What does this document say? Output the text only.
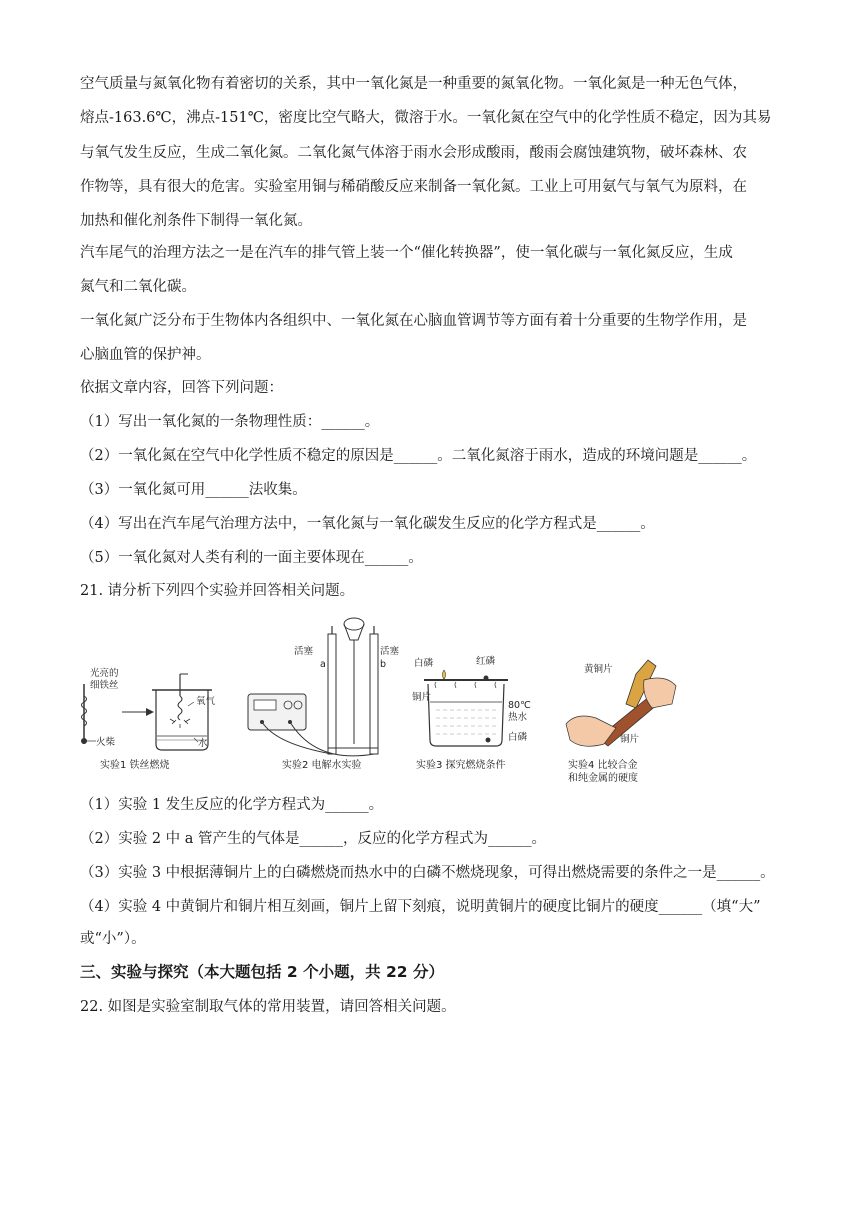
空气质量与氮氧化物有着密切的关系，其中一氧化氮是一种重要的氮氧化物。一氧化氮是一种无色气体，
熔点-163.6℃，沸点-151℃，密度比空气略大，微溶于水。一氧化氮在空气中的化学性质不稳定，因为其易
与氧气发生反应，生成二氧化氮。二氧化氮气体溶于雨水会形成酸雨，酸雨会腐蚀建筑物，破坏森林、农
作物等，具有很大的危害。实验室用铜与稀硝酸反应来制备一氧化氮。工业上可用氨气与氧气为原料，在
加热和催化剂条件下制得一氧化氮。
汽车尾气的治理方法之一是在汽车的排气管上装一个“催化转换器”，使一氧化碳与一氧化氮反应，生成
氮气和二氧化碳。
一氧化氮广泛分布于生物体内各组织中、一氧化氮在心脑血管调节等方面有着十分重要的生物学作用，是
心脑血管的保护神。
依据文章内容，回答下列问题：
（1）写出一氧化氮的一条物理性质：______。
（2）一氧化氮在空气中化学性质不稳定的原因是______。二氧化氮溶于雨水，造成的环境问题是______。
（3）一氧化氮可用______法收集。
（4）写出在汽车尾气治理方法中，一氧化氮与一氧化碳发生反应的化学方程式是______。
（5）一氧化氮对人类有利的一面主要体现在______。
21. 请分析下列四个实验并回答相关问题。
光亮的
细铁丝
火柴
氧气
水
实验1 铁丝燃烧
活塞	活塞
a	b
实验2 电解水实验
白磷	红磷
铜片
80℃
热水
白磷
实验3 探究燃烧条件
黄铜片
铜片
实验4 比较合金
和纯金属的硬度
（1）实验 1 发生反应的化学方程式为______。
（2）实验 2 中 a 管产生的气体是______，反应的化学方程式为______。
（3）实验 3 中根据薄铜片上的白磷燃烧而热水中的白磷不燃烧现象，可得出燃烧需要的条件之一是______。
（4）实验 4 中黄铜片和铜片相互刻画，铜片上留下刻痕，说明黄铜片的硬度比铜片的硬度______（填“大”
或“小”）。
三、实验与探究（本大题包括 2 个小题，共 22 分）
22. 如图是实验室制取气体的常用装置，请回答相关问题。
